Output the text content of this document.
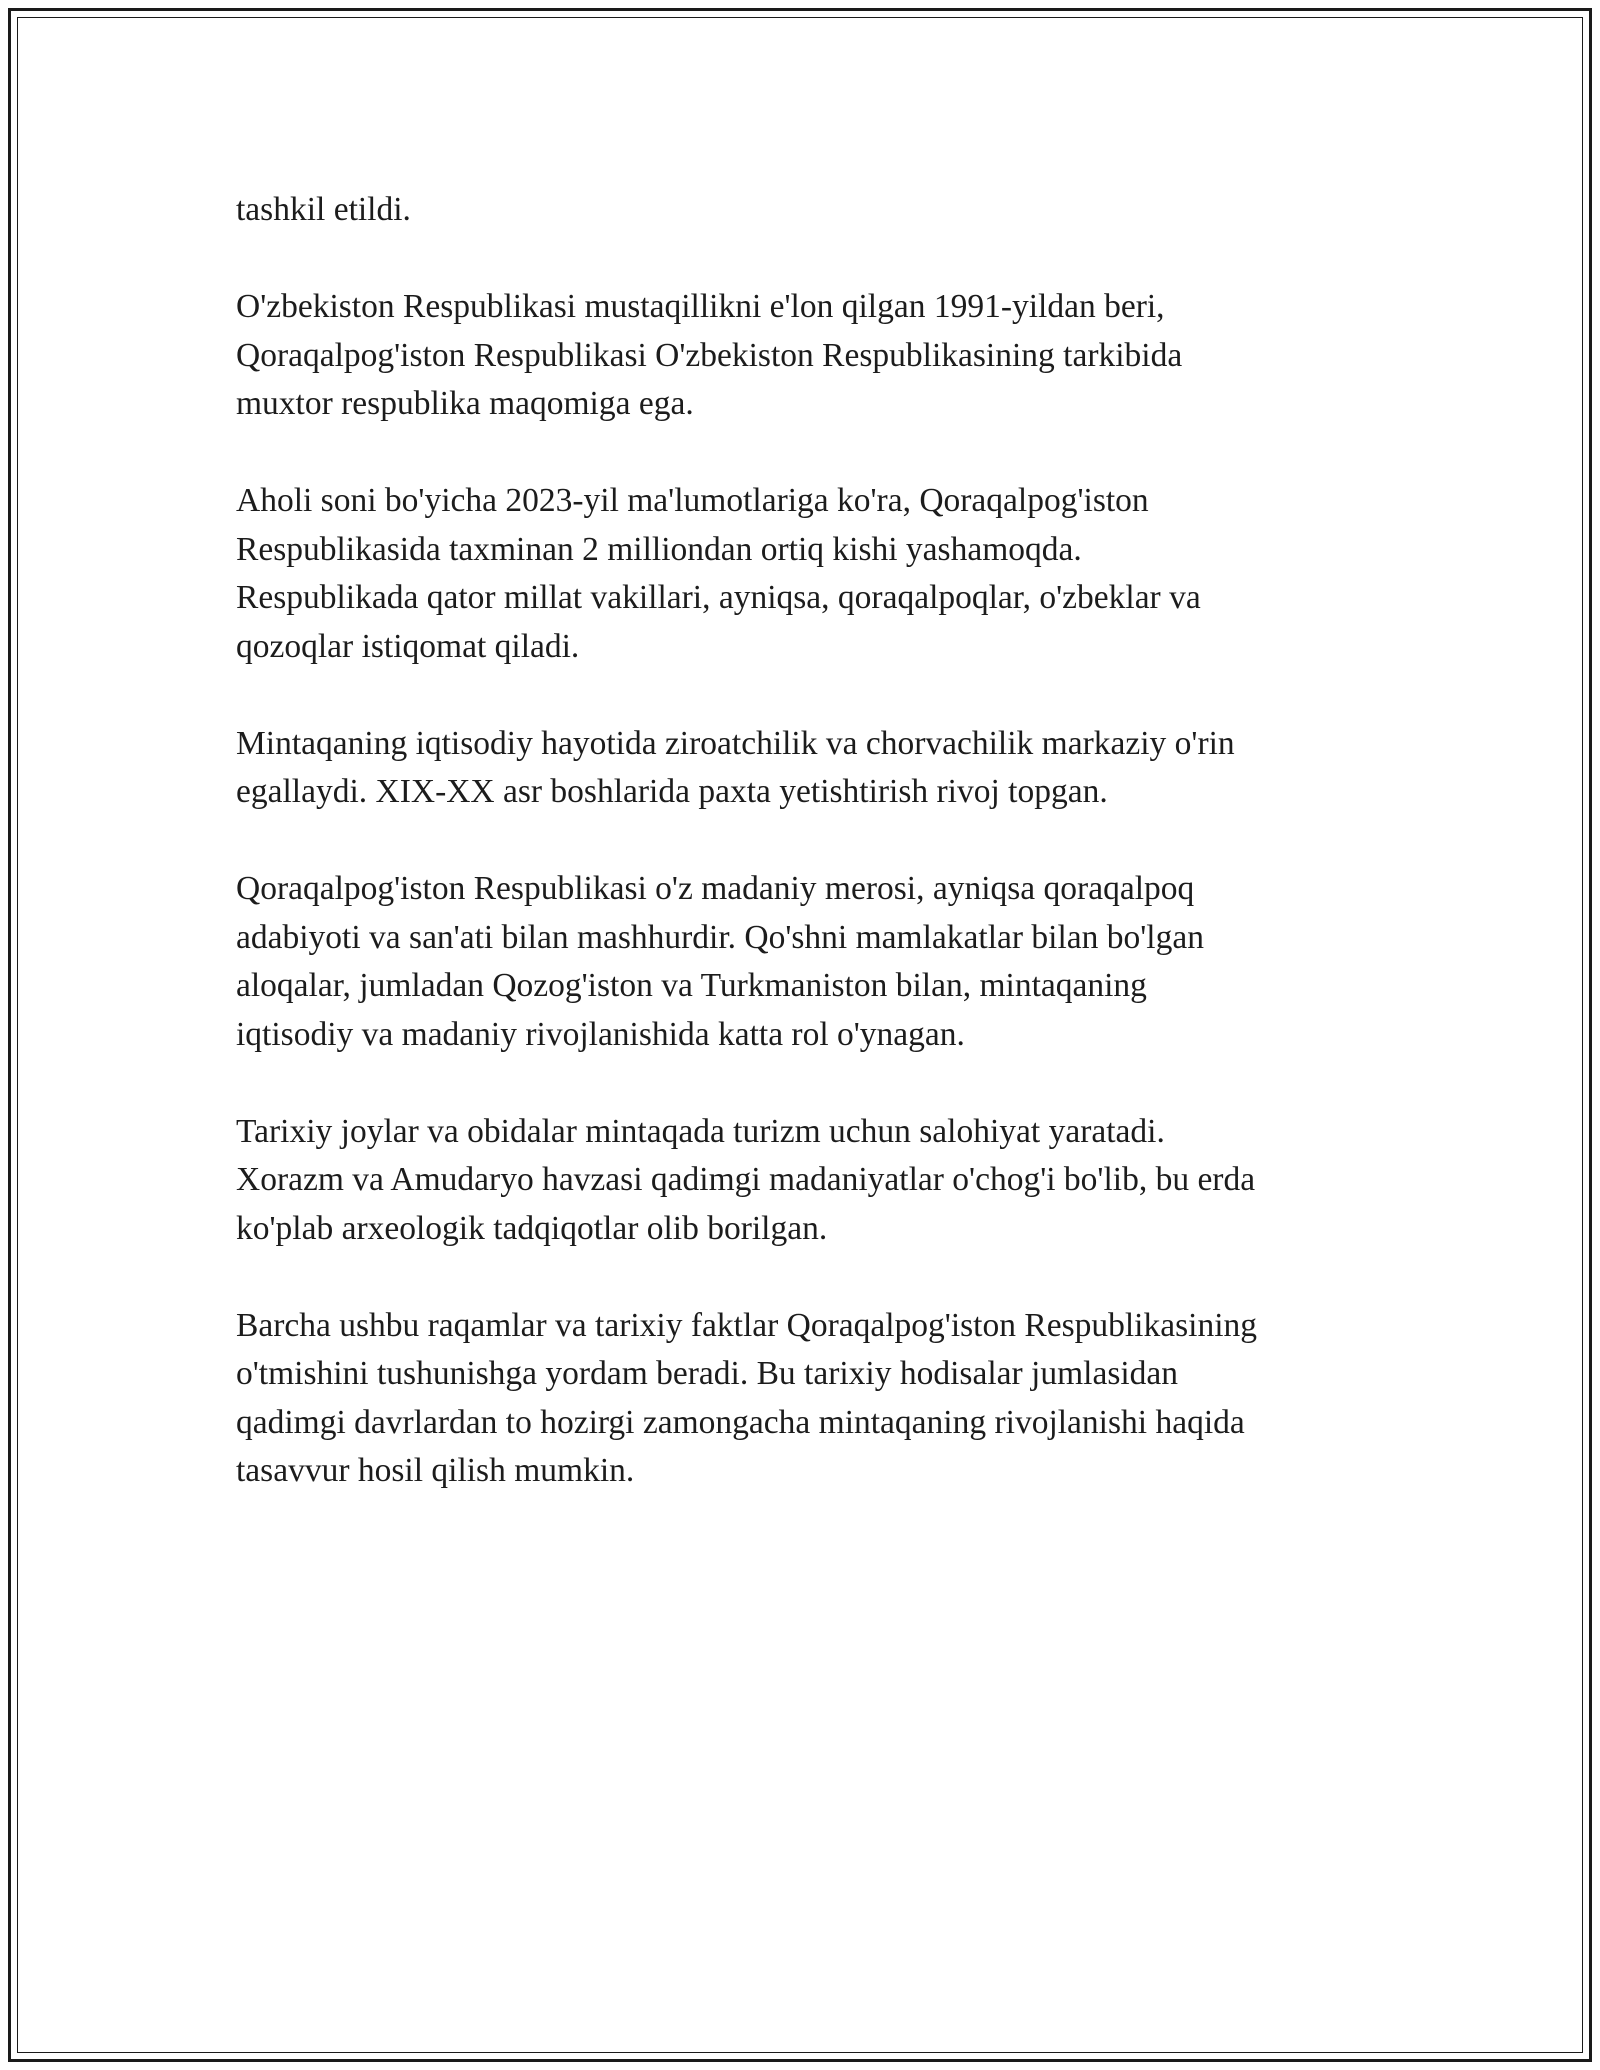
tashkil etildi.

O'zbekiston Respublikasi mustaqillikni e'lon qilgan 1991-yildan beri,
Qoraqalpog'iston Respublikasi O'zbekiston Respublikasining tarkibida
muxtor respublika maqomiga ega.

Aholi soni bo'yicha 2023-yil ma'lumotlariga ko'ra, Qoraqalpog'iston
Respublikasida taxminan 2 milliondan ortiq kishi yashamoqda.
Respublikada qator millat vakillari, ayniqsa, qoraqalpoqlar, o'zbeklar va
qozoqlar istiqomat qiladi.

Mintaqaning iqtisodiy hayotida ziroatchilik va chorvachilik markaziy o'rin
egallaydi. XIX-XX asr boshlarida paxta yetishtirish rivoj topgan.

Qoraqalpog'iston Respublikasi o'z madaniy merosi, ayniqsa qoraqalpoq
adabiyoti va san'ati bilan mashhurdir. Qo'shni mamlakatlar bilan bo'lgan
aloqalar, jumladan Qozog'iston va Turkmaniston bilan, mintaqaning
iqtisodiy va madaniy rivojlanishida katta rol o'ynagan.

Tarixiy joylar va obidalar mintaqada turizm uchun salohiyat yaratadi.
Xorazm va Amudaryo havzasi qadimgi madaniyatlar o'chog'i bo'lib, bu erda
ko'plab arxeologik tadqiqotlar olib borilgan.

Barcha ushbu raqamlar va tarixiy faktlar Qoraqalpog'iston Respublikasining
o'tmishini tushunishga yordam beradi. Bu tarixiy hodisalar jumlasidan
qadimgi davrlardan to hozirgi zamongacha mintaqaning rivojlanishi haqida
tasavvur hosil qilish mumkin.
